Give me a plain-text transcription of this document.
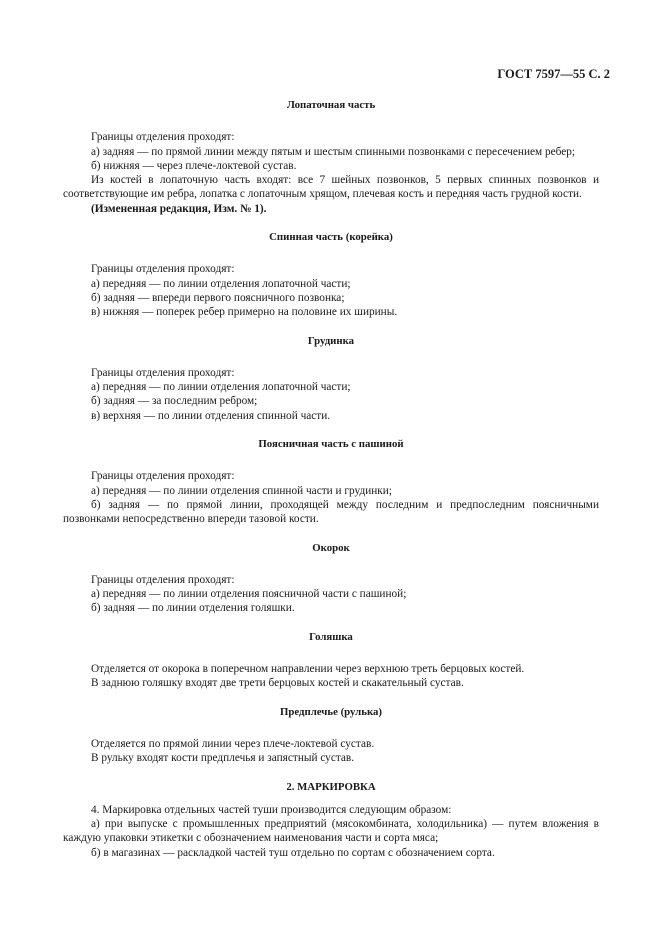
ГОСТ 7597—55 С. 2

Лопаточная часть

Границы отделения проходят:

а) задняя — по прямой линии между пятым и шестым спинными позвонками с пересечением ребер;

б) нижняя — через плече-локтевой сустав.

Из костей в лопаточную часть входят: все 7 шейных позвонков, 5 первых спинных позвонков и соответствующие им ребра, лопатка с лопаточным хрящом, плечевая кость и передняя часть грудной кости.

(Измененная редакция, Изм. № 1).

Спинная часть (корейка)

Границы отделения проходят:

а) передняя — по линии отделения лопаточной части;

б) задняя — впереди первого поясничного позвонка;

в) нижняя — поперек ребер примерно на половине их ширины.

Грудинка

Границы отделения проходят:

а) передняя — по линии отделения лопаточной части;

б) задняя — за последним ребром;

в) верхняя — по линии отделения спинной части.

Поясничная часть с пашиной

Границы отделения проходят:

а) передняя — по линии отделения спинной части и грудинки;

б) задняя — по прямой линии, проходящей между последним и предпоследним поясничными позвонками непосредственно впереди тазовой кости.

Окорок

Границы отделения проходят:

а) передняя — по линии отделения поясничной части с пашиной;

б) задняя — по линии отделения голяшки.

Голяшка

Отделяется от окорока в поперечном направлении через верхнюю треть берцовых костей.

В заднюю голяшку входят две трети берцовых костей и скакательный сустав.

Предплечье (рулька)

Отделяется по прямой линии через плече-локтевой сустав.

В рульку входят кости предплечья и запястный сустав.

2. МАРКИРОВКА

4. Маркировка отдельных частей туши производится следующим образом:

а) при выпуске с промышленных предприятий (мясокомбината, холодильника) — путем вложения в каждую упаковки этикетки с обозначением наименования части и сорта мяса;

б) в магазинах — раскладкой частей туш отдельно по сортам с обозначением сорта.
